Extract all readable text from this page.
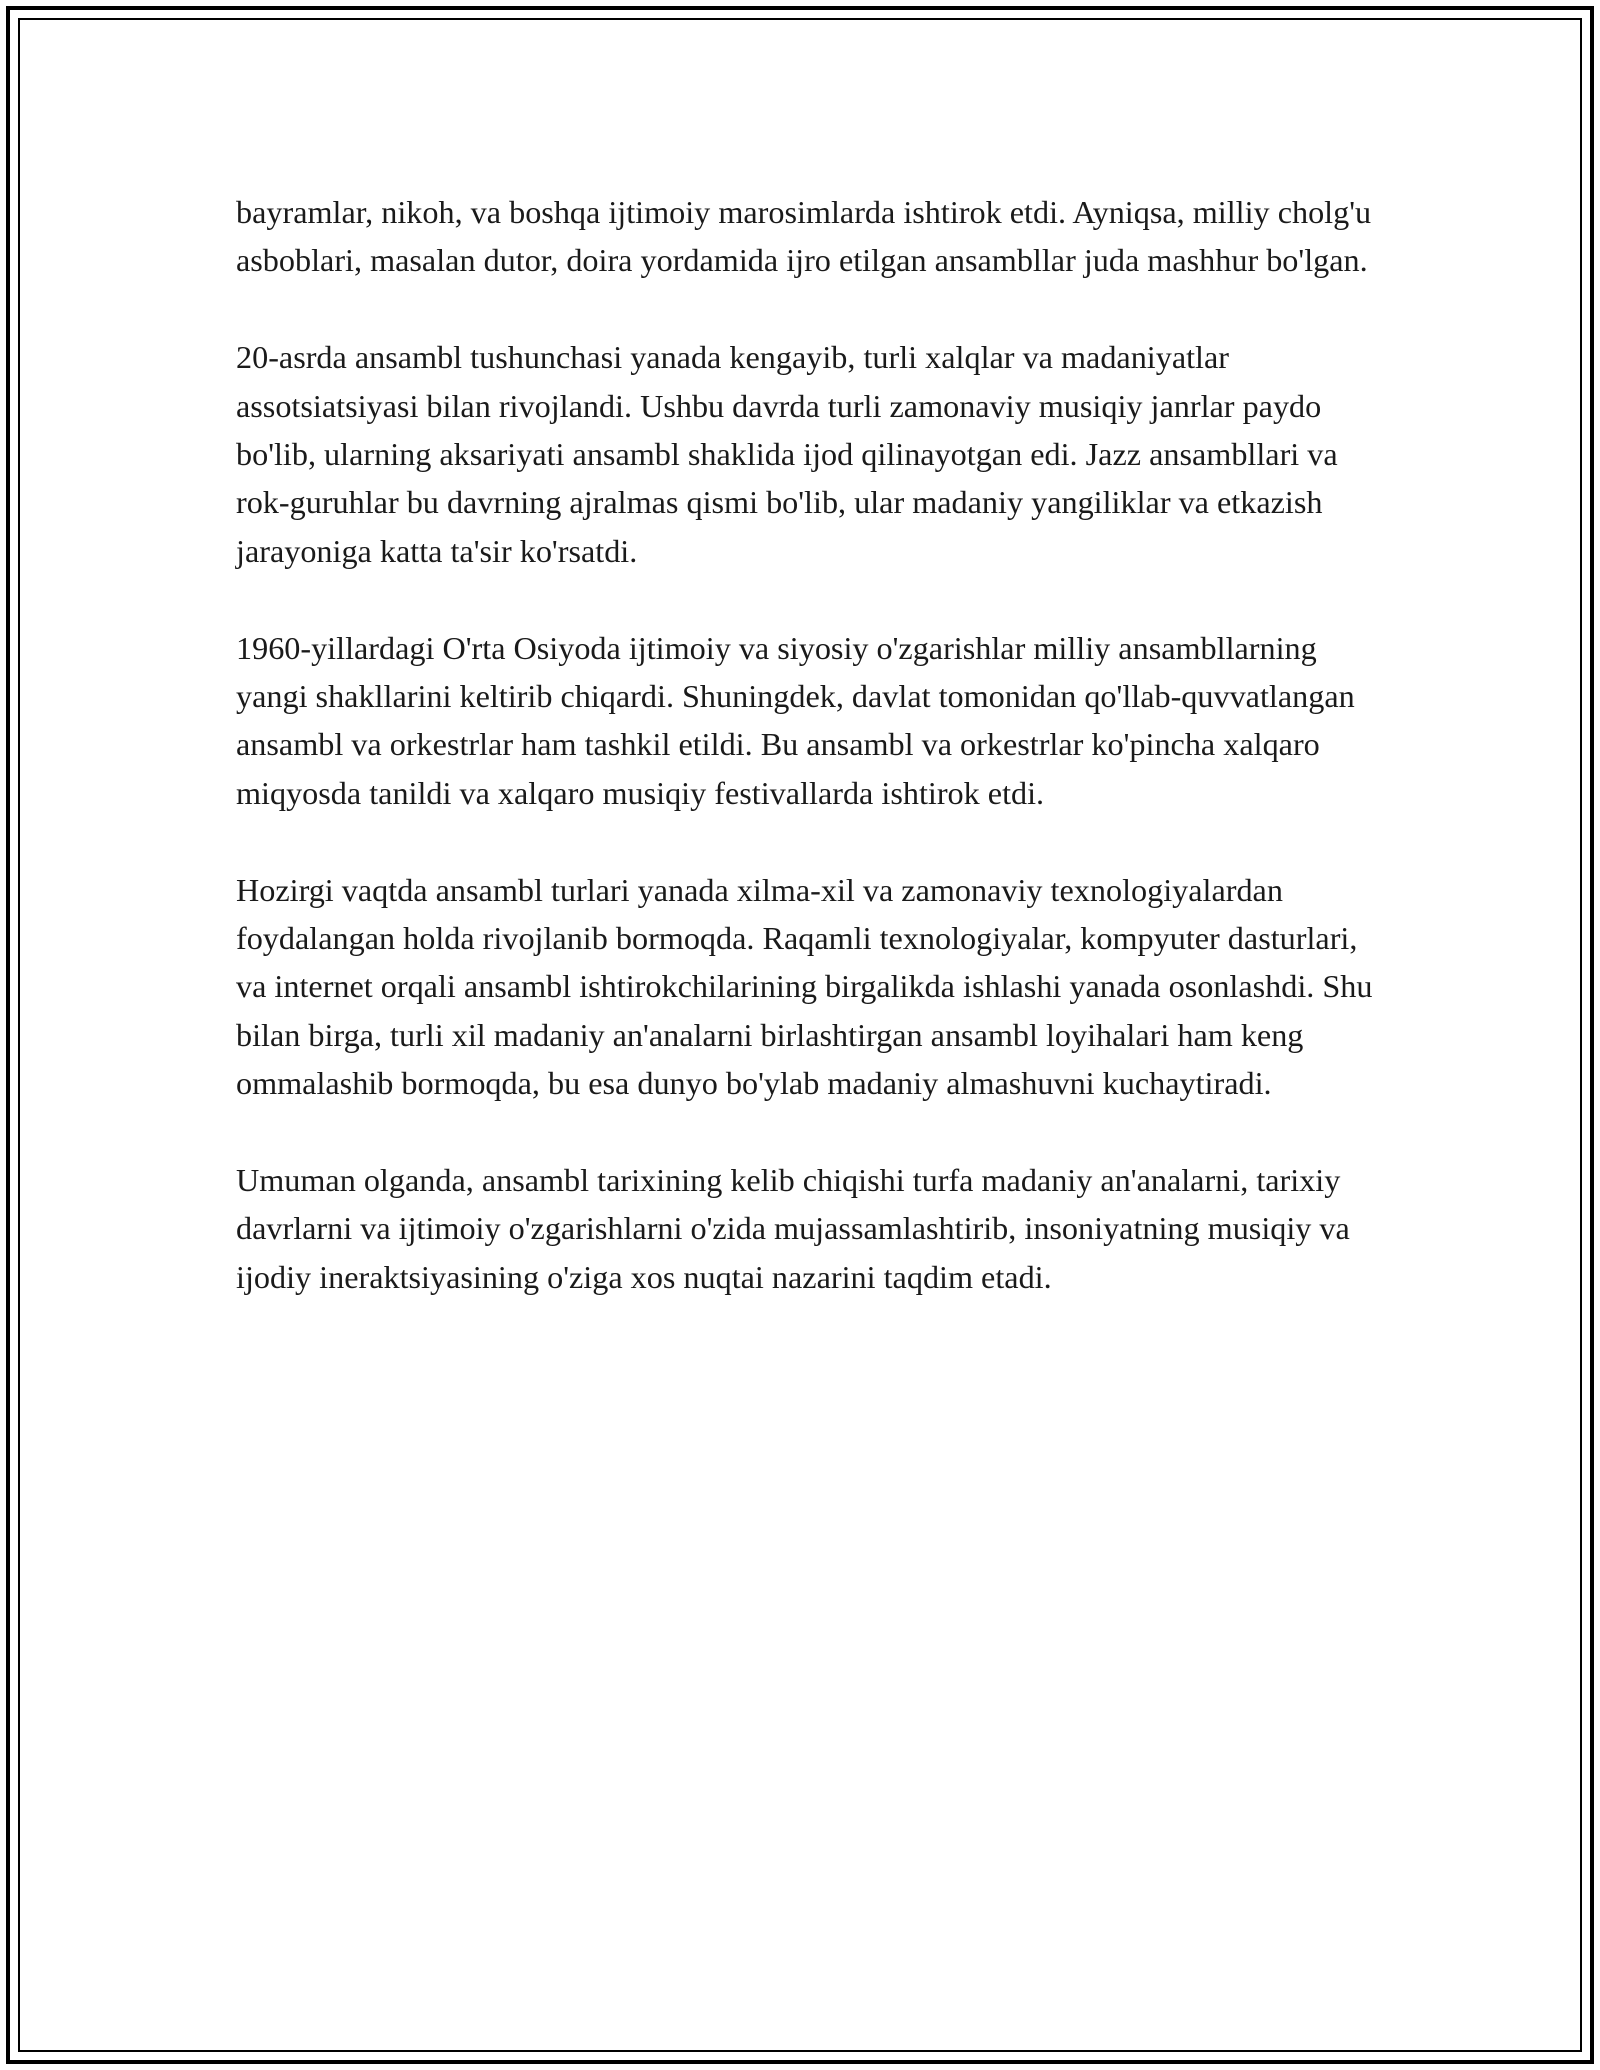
bayramlar, nikoh, va boshqa ijtimoiy marosimlarda ishtirok etdi. Ayniqsa, milliy cholg'u asboblari, masalan dutor, doira yordamida ijro etilgan ansambllar juda mashhur bo'lgan.

20-asrda ansambl tushunchasi yanada kengayib, turli xalqlar va madaniyatlar assotsiatsiyasi bilan rivojlandi. Ushbu davrda turli zamonaviy musiqiy janrlar paydo bo'lib, ularning aksariyati ansambl shaklida ijod qilinayotgan edi. Jazz ansambllari va rok-guruhlar bu davrning ajralmas qismi bo'lib, ular madaniy yangiliklar va etkazish jarayoniga katta ta'sir ko'rsatdi.

1960-yillardagi O'rta Osiyoda ijtimoiy va siyosiy o'zgarishlar milliy ansambllarning yangi shakllarini keltirib chiqardi. Shuningdek, davlat tomonidan qo'llab-quvvatlangan ansambl va orkestrlar ham tashkil etildi. Bu ansambl va orkestrlar ko'pincha xalqaro miqyosda tanildi va xalqaro musiqiy festivallarda ishtirok etdi.

Hozirgi vaqtda ansambl turlari yanada xilma-xil va zamonaviy texnologiyalardan foydalangan holda rivojlanib bormoqda. Raqamli texnologiyalar, kompyuter dasturlari, va internet orqali ansambl ishtirokchilarining birgalikda ishlashi yanada osonlashdi. Shu bilan birga, turli xil madaniy an'analarni birlashtirgan ansambl loyihalari ham keng ommalashib bormoqda, bu esa dunyo bo'ylab madaniy almashuvni kuchaytiradi.

Umuman olganda, ansambl tarixining kelib chiqishi turfa madaniy an'analarni, tarixiy davrlarni va ijtimoiy o'zgarishlarni o'zida mujassamlashtirib, insoniyatning musiqiy va ijodiy ineraktsiyasining o'ziga xos nuqtai nazarini taqdim etadi.
